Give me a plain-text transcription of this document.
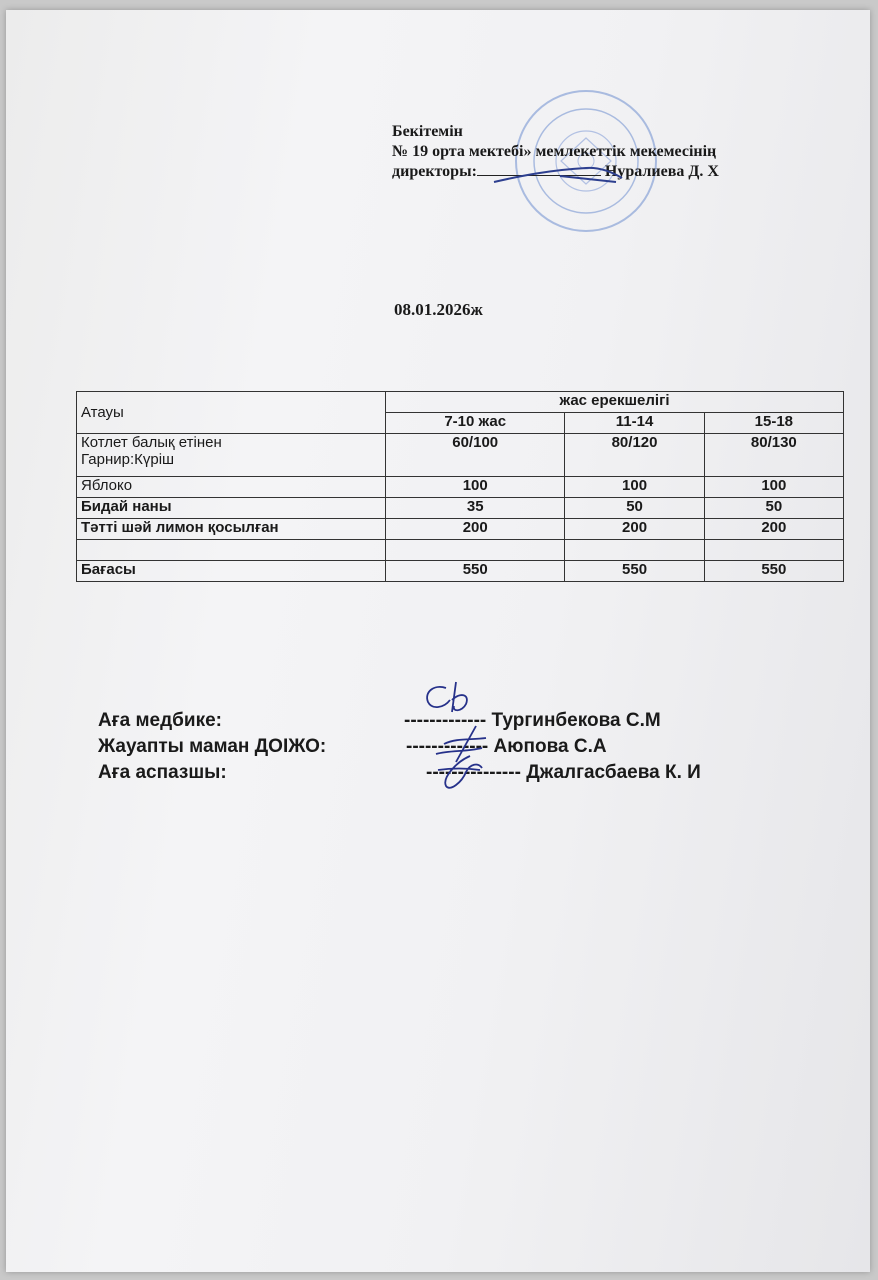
Бекітемін
№ 19 орта мектебі» мемлекеттік мекемесінің
директоры:	Нуралиева Д. Х
08.01.2026ж
Атауы	жас ерекшелігі		
	7-10 жас	11-14	15-18

Котлет балық етінен
Гарнир:Күріш	60/100	80/120	80/130
Яблоко	100	100	100
Бидай наны	35	50	50
Тәтті шәй лимон қосылған	200	200	200

Бағасы	550	550	550
Аға медбике:	------------- Тургинбекова С.М
Жауапты маман ДОІЖО:	------------- Аюпова С.А
Аға аспазшы:	--------------- Джалгасбаева К. И
